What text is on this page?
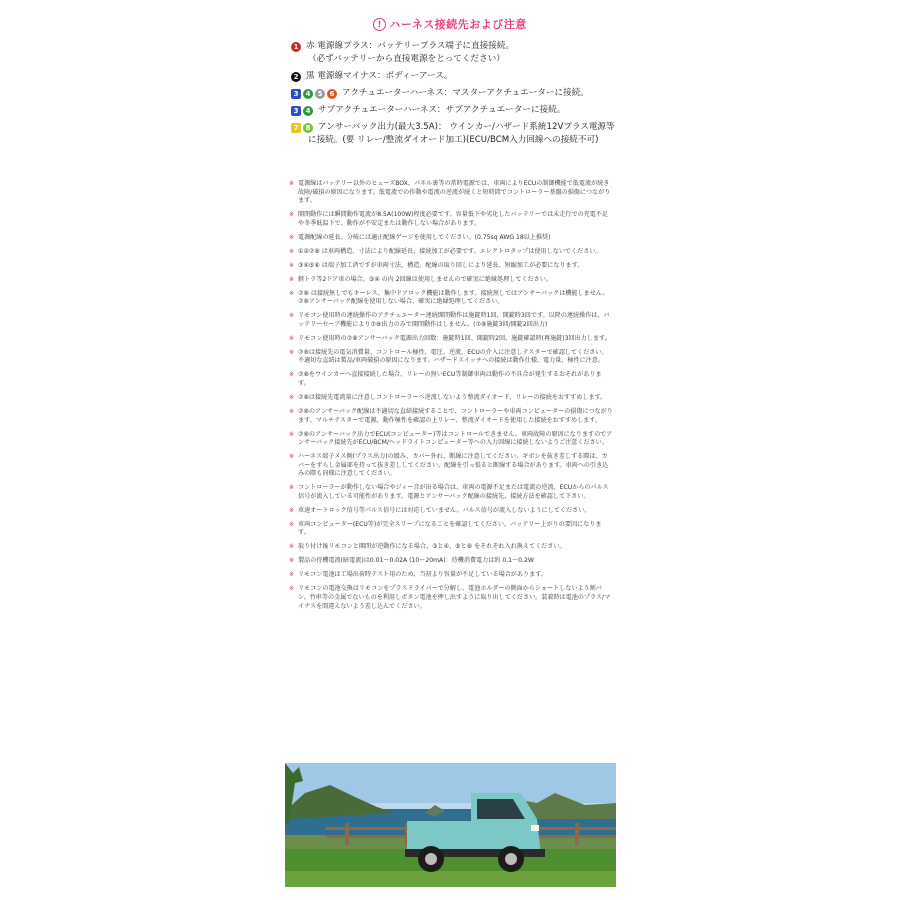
! ハーネス接続先および注意
1 赤 電源線プラス：バッテリープラス端子に直接接続。
（必ずバッテリーから直接電源をとってください）
2 黒 電源線マイナス：ボディーアース。
3	4	5	6 アクチュエーターハーネス：マスターアクチュエーターに接続。
3	4 サブアクチュエーターハーネス：サブアクチュエーターに接続。
7	8 アンサーバック出力(最大3.5A)： ウインカー/ハザード系統12Vプラス電源等
に接続。(要 リレー/整流ダイオード加工)(ECU/BCM入力回線への接続不可)
※ 電源線はバッテリー以外のヒューズBOX、パネル裏等の常時電源では、車両によりECUの制御機能で低電流が続き故障/破損の原因になります。低電流での作動や電流の逆流が続くと短時間でコントローラー基盤の損傷につながります。
※ 開閉動作には瞬間動作電流が8.5A(100W)程度必要です。容量低下や劣化したバッテリーでは未走行での充電不足や冬季低温下で、動作が不安定または動作しない場合があります。
※ 電源配線の延長、分岐には適正配線ゲージを使用してください。(0.75sq AWG 18以上推奨)
※ ①②⑦⑧ は車両構造、寸法により配線延長、接続加工が必要です。エレクトロタップは使用しないでください。
※ ③④⑤⑥ は端子加工済ですが車両寸法、構造、配線の取り回しにより延長、短縮加工が必要になります。
※ 軽トラ等2ドア車の場合、③④ の内 2回線は使用しませんので確実に絶縁処理してください。
※ ⑦⑧ は接続無しでもキーレス、集中ドアロック機能は動作します。接続無しではアンサーバックは機能しません。⑦⑧アンサーバック配線を使用しない場合、確実に絶縁処理してください。
※ リモコン使用時の連続操作のアクチュエーター連続開閉動作は施錠時1回、開錠時3回です。以降の連続操作は、バッテリーセーブ機能により⑦⑧出力のみで開閉動作はしません。(⑦⑧施錠3回/開錠2回出力)
※ リモコン使用時の⑦⑧アンサーバック電源出力回数：施錠時1回、開錠時2回、施錠確認時(再施錠)3回出力します。
※ ⑦⑧は接続先の電気消費量、コントロール極性、電圧、逆流、ECUの介入に注意しテスターで確認してください。不適切な直結は製品/車両破損の原因になります。ハザードスイッチへの接続は動作仕様、電力量、極性に注意。
※ ⑦⑧をウインカーへ直接接続した場合、リレーの無いECU等制御車両は動作の不具合が発生するおそれがあります。
※ ⑦⑧は接続先電流量に注意しコントローラーへ逆流しないよう整流ダイオード、リレーの接続をおすすめします。
※ ⑦⑧のアンサーバック配線は不適切な直結接続することで、コントローラーや車両コンピューターの損傷につながります。マルチテスターで電源、動作極性を確認の上リレー、整流ダイオードを使用した接続をおすすめします。
※ ⑦⑧のアンサーバック出力でECU(コンピューター)等はコントロールできません。車両故障の原因になりますのでアンサーバック接続先がECU/BCM/ヘッドライトコンピューター等への入力回線に接続しないようご注意ください。
※ ハーネス端子メス側(プラス出力)の緩み、カバー外れ、断線に注意してください。ギボシを抜き差しする際は、カバーをずらし金属部を持って抜き差ししてください。配線を引っ張ると断線する場合があります。車両への引き込みの際も同様に注意してください。
※ コントローラーが動作しない場合やジィー音が出る場合は、車両の電源不足または電流の逆流、ECUからのパルス信号が流入している可能性があります。電源とアンサーバック配線の接続先、接続方法を確認して下さい。
※ 車速オートロック信号等パルス信号には対応していません。パルス信号が流入しないようにしてください。
※ 車両コンピューター(ECU等)が完全スリープになることを確認してください。バッテリー上がりの要因になります。
※ 取り付け後リモコンと開閉が逆動作になる場合、③と④、⑤と⑥ をそれぞれ入れ換えてください。
※ 製品の待機電流(暗電流)は0.01〜0.02A (10〜20mA)：待機消費電力は約 0.1〜0.2W
※ リモコン電池は工場出荷時テスト用のため、当初より容量が不足している場合があります。
※ リモコンの電池交換はリモコンをプラスドライバーで分解し、電池ホルダーの側面からショートしないよう割バシ、竹串等の金属でないものを利用しボタン電池を押し出すように取り出してください。装着時は電池のプラス/マイナスを間違えないよう差し込んでください。
